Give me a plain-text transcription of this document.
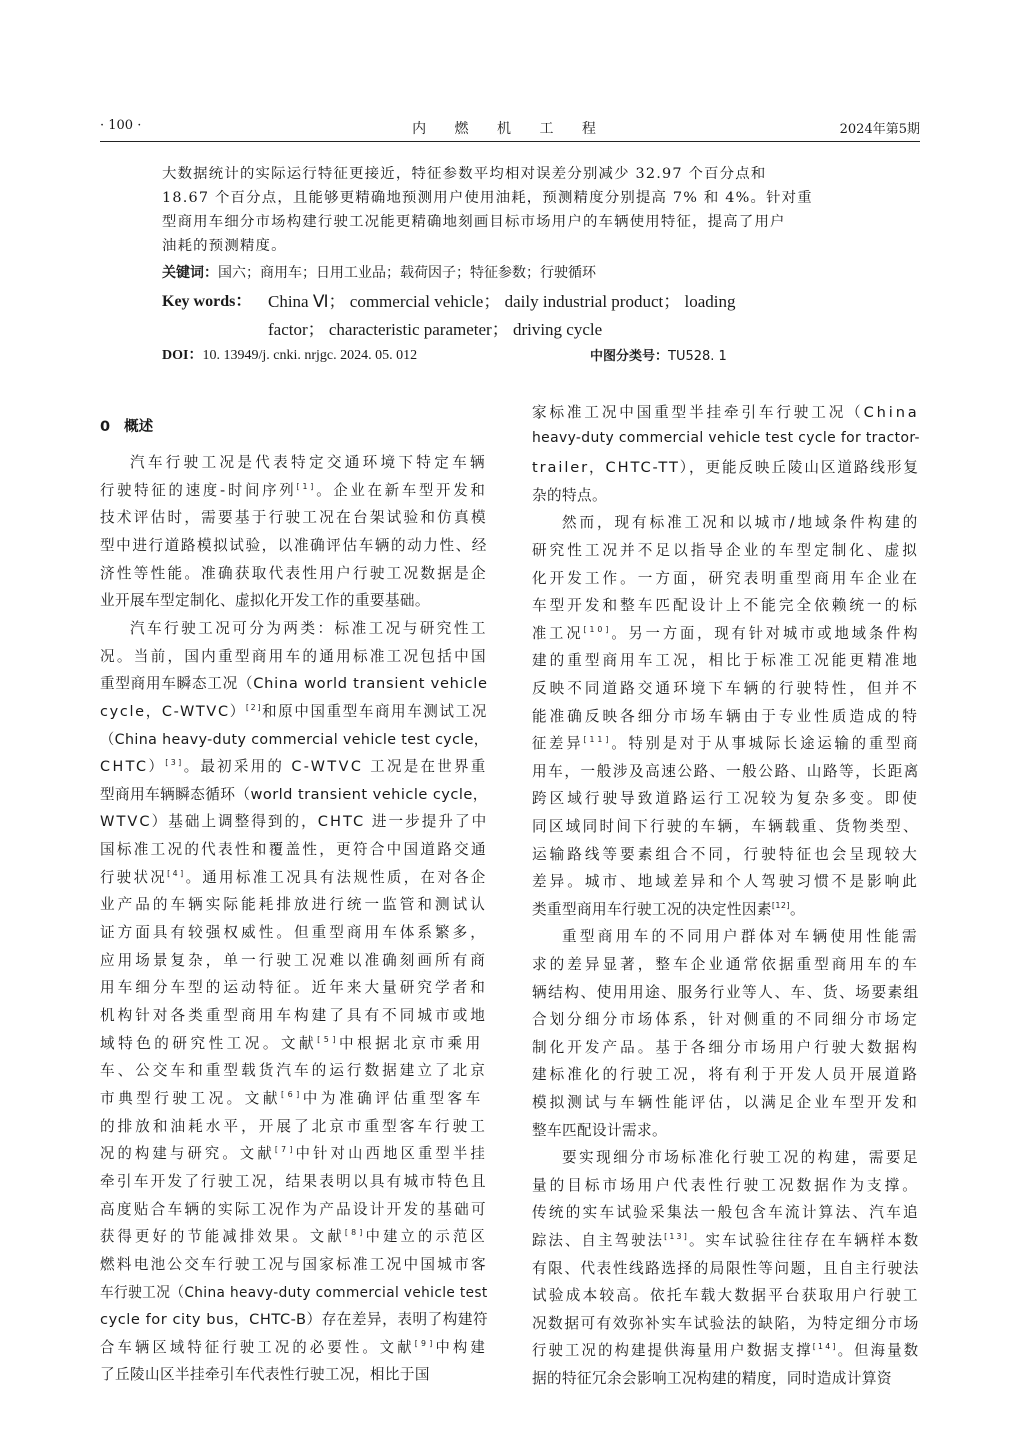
· 100 ·	内 燃 机 工 程	2024年第5期
大数据统计的实际运行特征更接近，特征参数平均相对误差分别减少 32.97 个百分点和
18.67 个百分点，且能够更精确地预测用户使用油耗，预测精度分别提高 7% 和 4%。针对重
型商用车细分市场构建行驶工况能更精确地刻画目标市场用户的车辆使用特征，提高了用户
油耗的预测精度。
关键词：国六；商用车；日用工业品；载荷因子；特征参数；行驶循环
Key words： China Ⅵ； commercial vehicle； daily industrial product； loading
factor； characteristic parameter； driving cycle
DOI：10. 13949/j. cnki. nrjgc. 2024. 05. 012	中图分类号：TU528. 1
0 概述
汽车行驶工况是代表特定交通环境下特定车辆
行驶特征的速度-时间序列[1]。企业在新车型开发和
技术评估时，需要基于行驶工况在台架试验和仿真模
型中进行道路模拟试验，以准确评估车辆的动力性、经
济性等性能。准确获取代表性用户行驶工况数据是企
业开展车型定制化、虚拟化开发工作的重要基础。
汽车行驶工况可分为两类：标准工况与研究性工
况。当前，国内重型商用车的通用标准工况包括中国
重型商用车瞬态工况（China world transient vehicle
cycle，C-WTVC）[2]和原中国重型车商用车测试工况
（China heavy-duty commercial vehicle test cycle，
CHTC）[3]。最初采用的 C-WTVC 工况是在世界重
型商用车辆瞬态循环（world transient vehicle cycle，
WTVC）基础上调整得到的，CHTC 进一步提升了中
国标准工况的代表性和覆盖性，更符合中国道路交通
行驶状况[4]。通用标准工况具有法规性质，在对各企
业产品的车辆实际能耗排放进行统一监管和测试认
证方面具有较强权威性。但重型商用车体系繁多，
应用场景复杂，单一行驶工况难以准确刻画所有商
用车细分车型的运动特征。近年来大量研究学者和
机构针对各类重型商用车构建了具有不同城市或地
域特色的研究性工况。文献[5]中根据北京市乘用
车、公交车和重型载货汽车的运行数据建立了北京
市典型行驶工况。文献[6]中为准确评估重型客车
的排放和油耗水平，开展了北京市重型客车行驶工
况的构建与研究。文献[7]中针对山西地区重型半挂
牵引车开发了行驶工况，结果表明以具有城市特色且
高度贴合车辆的实际工况作为产品设计开发的基础可
获得更好的节能减排效果。文献[8]中建立的示范区
燃料电池公交车行驶工况与国家标准工况中国城市客
车行驶工况（China heavy-duty commercial vehicle test
cycle for city bus，CHTC-B）存在差异，表明了构建符
合车辆区域特征行驶工况的必要性。文献[9]中构建
了丘陵山区半挂牵引车代表性行驶工况，相比于国
家标准工况中国重型半挂牵引车行驶工况（China
heavy-duty commercial vehicle test cycle for tractor-
trailer，CHTC-TT），更能反映丘陵山区道路线形复
杂的特点。
然而，现有标准工况和以城市/地域条件构建的
研究性工况并不足以指导企业的车型定制化、虚拟
化开发工作。一方面，研究表明重型商用车企业在
车型开发和整车匹配设计上不能完全依赖统一的标
准工况[10]。另一方面，现有针对城市或地域条件构
建的重型商用车工况，相比于标准工况能更精准地
反映不同道路交通环境下车辆的行驶特性，但并不
能准确反映各细分市场车辆由于专业性质造成的特
征差异[11]。特别是对于从事城际长途运输的重型商
用车，一般涉及高速公路、一般公路、山路等，长距离
跨区域行驶导致道路运行工况较为复杂多变。即使
同区域同时间下行驶的车辆，车辆载重、货物类型、
运输路线等要素组合不同，行驶特征也会呈现较大
差异。城市、地域差异和个人驾驶习惯不是影响此
类重型商用车行驶工况的决定性因素[12]。
重型商用车的不同用户群体对车辆使用性能需
求的差异显著，整车企业通常依据重型商用车的车
辆结构、使用用途、服务行业等人、车、货、场要素组
合划分细分市场体系，针对侧重的不同细分市场定
制化开发产品。基于各细分市场用户行驶大数据构
建标准化的行驶工况，将有利于开发人员开展道路
模拟测试与车辆性能评估，以满足企业车型开发和
整车匹配设计需求。
要实现细分市场标准化行驶工况的构建，需要足
量的目标市场用户代表性行驶工况数据作为支撑。
传统的实车试验采集法一般包含车流计算法、汽车追
踪法、自主驾驶法[13]。实车试验往往存在车辆样本数
有限、代表性线路选择的局限性等问题，且自主行驶法
试验成本较高。依托车载大数据平台获取用户行驶工
况数据可有效弥补实车试验法的缺陷，为特定细分市场
行驶工况的构建提供海量用户数据支撑[14]。但海量数
据的特征冗余会影响工况构建的精度，同时造成计算资
